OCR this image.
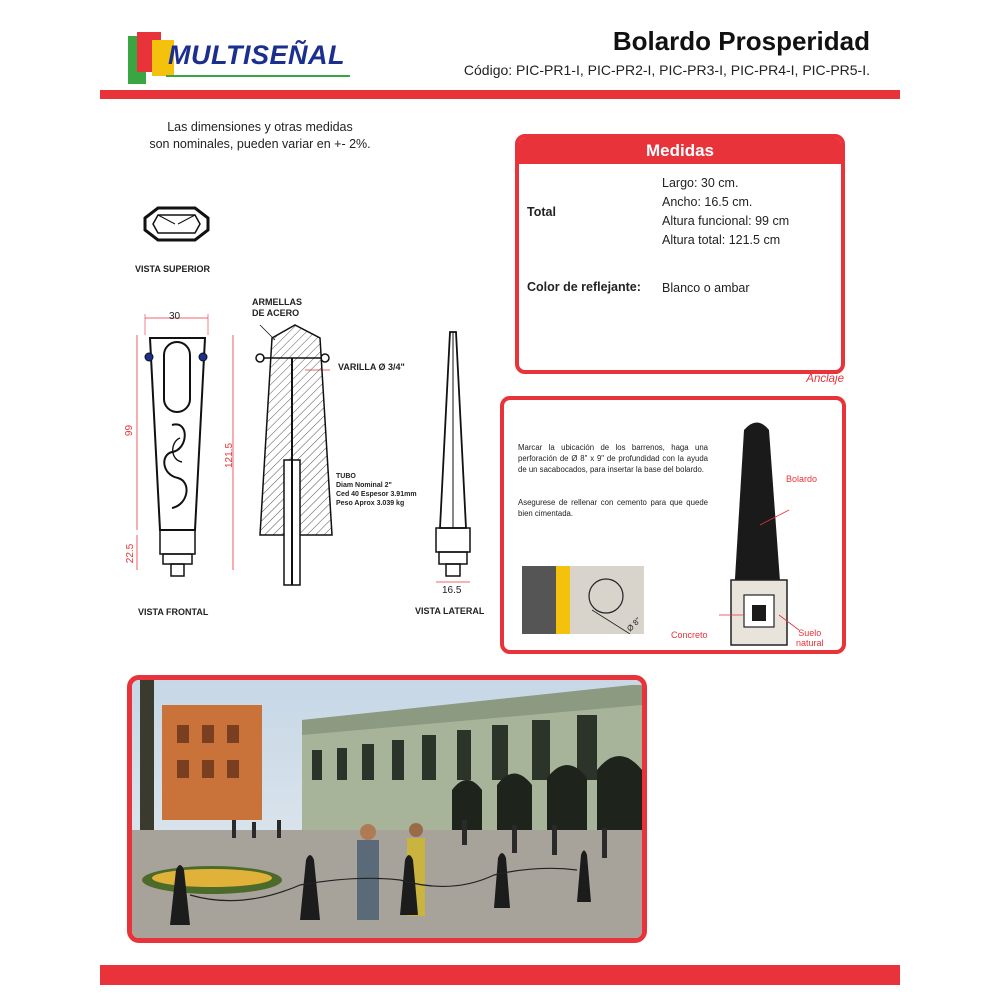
MULTISEÑAL	Bolardo Prosperidad
Código: PIC-PR1-I, PIC-PR2-I, PIC-PR3-I, PIC-PR4-I, PIC-PR5-I.
Las dimensiones y otras medidas
son nominales, pueden variar en +- 2%.
VISTA SUPERIOR
VISTA FRONTAL	VISTA LATERAL
ARMELLAS
DE ACERO
VARILLA Ø 3/4"
TUBO
Diam Nominal 2"
Ced 40 Espesor 3.91mm
Peso Aprox 3.039 kg
30
99
121.5
22.5
16.5
Medidas
Total
Largo: 30 cm.
Ancho: 16.5 cm.
Altura funcional: 99 cm
Altura total: 121.5 cm
Color de reflejante: Blanco o ambar
Anclaje
Marcar la ubicación de los barrenos, haga una perforación de Ø 8" x 9" de profundidad con la ayuda de un sacabocados, para insertar la base del bolardo.
Asegurese de rellenar con cemento para que quede bien cimentada.
Ø 8"
Bolardo
Concreto	Suelo
natural
